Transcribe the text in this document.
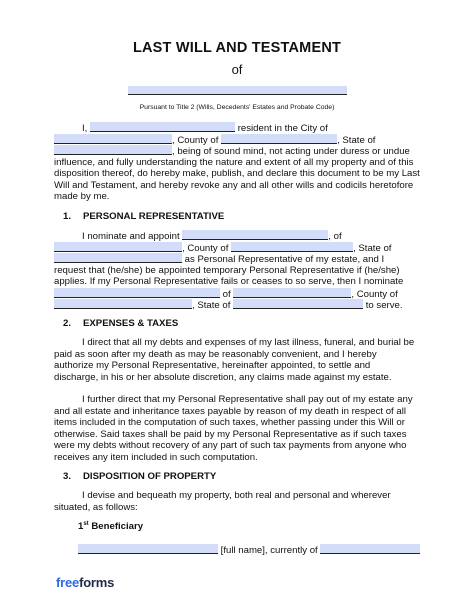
LAST WILL AND TESTAMENT
of
Pursuant to Title 2 (Wills, Decedents' Estates and Probate Code)
I,	resident in the City of
, County of	, State of
, being of sound mind, not acting under duress or undue
influence, and fully understanding the nature and extent of all my property and of this
disposition thereof, do hereby make, publish, and declare this document to be my Last
Will and Testament, and hereby revoke any and all other wills and codicils heretofore
made by me.
1. PERSONAL REPRESENTATIVE
I nominate and appoint	, of
, County of	, State of
as Personal Representative of my estate, and I
request that (he/she) be appointed temporary Personal Representative if (he/she)
applies. If my Personal Representative fails or ceases to so serve, then I nominate
of	, County of
, State of	to serve.
2. EXPENSES & TAXES
I direct that all my debts and expenses of my last illness, funeral, and burial be
paid as soon after my death as may be reasonably convenient, and I hereby
authorize my Personal Representative, hereinafter appointed, to settle and
discharge, in his or her absolute discretion, any claims made against my estate.
I further direct that my Personal Representative shall pay out of my estate any
and all estate and inheritance taxes payable by reason of my death in respect of all
items included in the computation of such taxes, whether passing under this Will or
otherwise. Said taxes shall be paid by my Personal Representative as if such taxes
were my debts without recovery of any part of such tax payments from anyone who
receives any item included in such computation.
3. DISPOSITION OF PROPERTY
I devise and bequeath my property, both real and personal and wherever
situated, as follows:
1st Beneficiary
[full name], currently of
freeforms
